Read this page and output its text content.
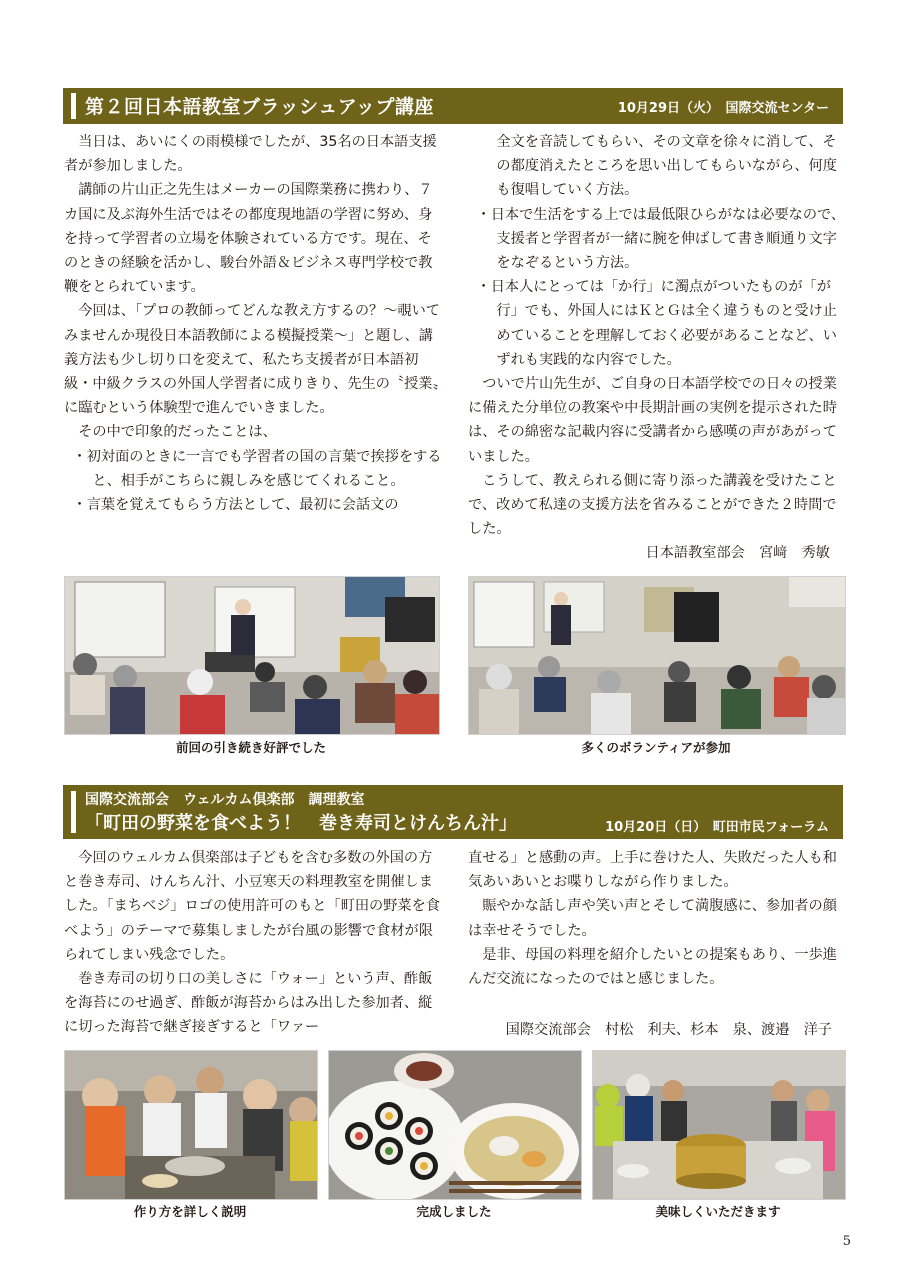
第２回日本語教室ブラッシュアップ講座	10月29日（火）　国際交流センター

当日は、あいにくの雨模様でしたが、35名の日本語支援者が参加しました。

講師の片山正之先生はメーカーの国際業務に携わり、７カ国に及ぶ海外生活ではその都度現地語の学習に努め、身を持って学習者の立場を体験されている方です。現在、そのときの経験を活かし、駿台外語＆ビジネス専門学校で教鞭をとられています。

今回は、「プロの教師ってどんな教え方するの？〜覗いてみませんか現役日本語教師による模擬授業〜」と題し、講義方法も少し切り口を変えて、私たち支援者が日本語初級・中級クラスの外国人学習者に成りきり、先生の〝授業〟に臨むという体験型で進んでいきました。

その中で印象的だったことは、

・初対面のときに一言でも学習者の国の言葉で挨拶をすると、相手がこちらに親しみを感じてくれること。

・言葉を覚えてもらう方法として、最初に会話文の

全文を音読してもらい、その文章を徐々に消して、その都度消えたところを思い出してもらいながら、何度も復唱していく方法。

・日本で生活をする上では最低限ひらがなは必要なので、支援者と学習者が一緒に腕を伸ばして書き順通り文字をなぞるという方法。

・日本人にとっては「か行」に濁点がついたものが「が行」でも、外国人にはＫとＧは全く違うものと受け止めていることを理解しておく必要があることなど、いずれも実践的な内容でした。

ついで片山先生が、ご自身の日本語学校での日々の授業に備えた分単位の教案や中長期計画の実例を提示された時は、その綿密な記載内容に受講者から感嘆の声があがっていました。

こうして、教えられる側に寄り添った講義を受けたことで、改めて私達の支援方法を省みることができた２時間でした。

日本語教室部会　宮﨑　秀敏

前回の引き続き好評でした	多くのボランティアが参加
国際交流部会　ウェルカム倶楽部　調理教室
「町田の野菜を食べよう！　巻き寿司とけんちん汁」	10月20日（日）　町田市民フォーラム

今回のウェルカム倶楽部は子どもを含む多数の外国の方と巻き寿司、けんちん汁、小豆寒天の料理教室を開催しました。「まちベジ」ロゴの使用許可のもと「町田の野菜を食べよう」のテーマで募集しましたが台風の影響で食材が限られてしまい残念でした。

巻き寿司の切り口の美しさに「ウォー」という声、酢飯を海苔にのせ過ぎ、酢飯が海苔からはみ出した参加者、縦に切った海苔で継ぎ接ぎすると「ワァー

直せる」と感動の声。上手に巻けた人、失敗だった人も和気あいあいとお喋りしながら作りました。

賑やかな話し声や笑い声とそして満腹感に、参加者の顔は幸せそうでした。

是非、母国の料理を紹介したいとの提案もあり、一歩進んだ交流になったのではと感じました。

国際交流部会　村松　利夫、杉本　泉、渡邉　洋子
作り方を詳しく説明	完成しました	美味しくいただきます
5
